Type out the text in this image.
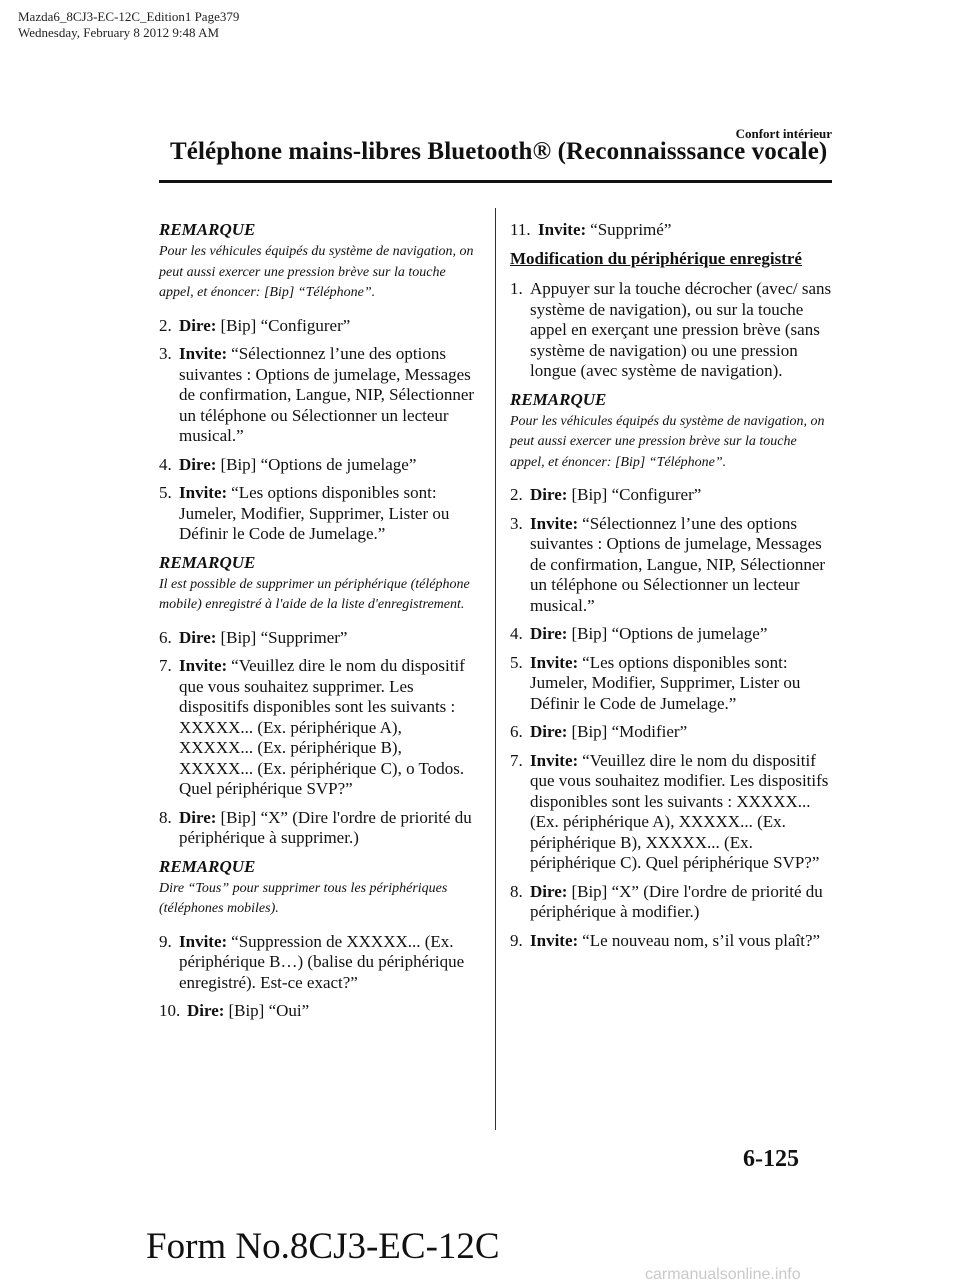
Mazda6_8CJ3-EC-12C_Edition1 Page379
Wednesday, February 8 2012 9:48 AM
Confort intérieur
Téléphone mains-libres Bluetooth® (Reconnaisssance vocale)
REMARQUE
Pour les véhicules équipés du système de navigation, on peut aussi exercer une pression brève sur la touche appel, et énoncer: [Bip] “Téléphone”.
2. Dire: [Bip] “Configurer”
3. Invite: “Sélectionnez l’une des options suivantes : Options de jumelage, Messages de confirmation, Langue, NIP, Sélectionner un téléphone ou Sélectionner un lecteur musical.”
4. Dire: [Bip] “Options de jumelage”
5. Invite: “Les options disponibles sont: Jumeler, Modifier, Supprimer, Lister ou Définir le Code de Jumelage.”
REMARQUE
Il est possible de supprimer un périphérique (téléphone mobile) enregistré à l'aide de la liste d'enregistrement.
6. Dire: [Bip] “Supprimer”
7. Invite: “Veuillez dire le nom du dispositif que vous souhaitez supprimer. Les dispositifs disponibles sont les suivants : XXXXX... (Ex. périphérique A), XXXXX... (Ex. périphérique B), XXXXX... (Ex. périphérique C), o Todos. Quel périphérique SVP?”
8. Dire: [Bip] “X” (Dire l'ordre de priorité du périphérique à supprimer.)
REMARQUE
Dire “Tous” pour supprimer tous les périphériques (téléphones mobiles).
9. Invite: “Suppression de XXXXX... (Ex. périphérique B…) (balise du périphérique enregistré). Est-ce exact?”
10. Dire: [Bip] “Oui”
11. Invite: “Supprimé”
Modification du périphérique enregistré
1. Appuyer sur la touche décrocher (avec/ sans système de navigation), ou sur la touche appel en exerçant une pression brève (sans système de navigation) ou une pression longue (avec système de navigation).
REMARQUE
Pour les véhicules équipés du système de navigation, on peut aussi exercer une pression brève sur la touche appel, et énoncer: [Bip] “Téléphone”.
2. Dire: [Bip] “Configurer”
3. Invite: “Sélectionnez l’une des options suivantes : Options de jumelage, Messages de confirmation, Langue, NIP, Sélectionner un téléphone ou Sélectionner un lecteur musical.”
4. Dire: [Bip] “Options de jumelage”
5. Invite: “Les options disponibles sont: Jumeler, Modifier, Supprimer, Lister ou Définir le Code de Jumelage.”
6. Dire: [Bip] “Modifier”
7. Invite: “Veuillez dire le nom du dispositif que vous souhaitez modifier. Les dispositifs disponibles sont les suivants : XXXXX... (Ex. périphérique A), XXXXX... (Ex. périphérique B), XXXXX... (Ex. périphérique C). Quel périphérique SVP?”
8. Dire: [Bip] “X” (Dire l'ordre de priorité du périphérique à modifier.)
9. Invite: “Le nouveau nom, s’il vous plaît?”
6-125
Form No.8CJ3-EC-12C
carmanualsonline.info
